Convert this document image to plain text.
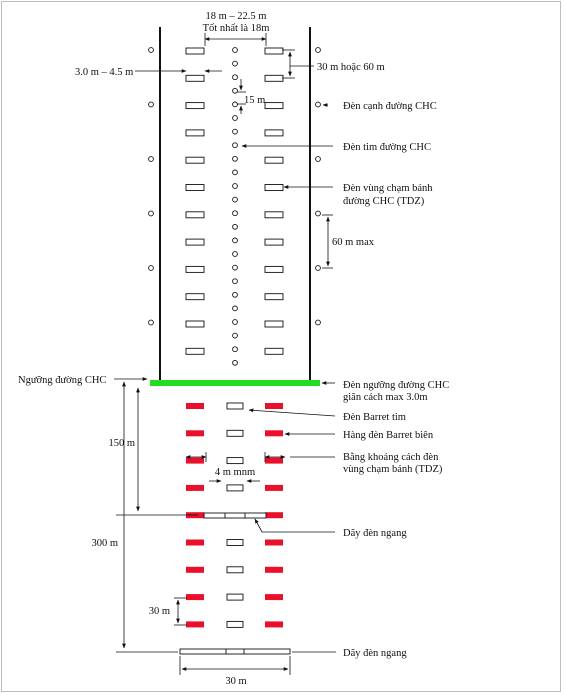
18 m – 22.5 m
Tốt nhất là 18m
3.0 m – 4.5 m	30 m hoặc 60 m
15 m
Đèn cạnh đường CHC
Đèn tim đường CHC
Đèn vùng chạm bánh
đường CHC (TDZ)
60 m max
Ngưỡng đường CHC	Đèn ngưỡng đường CHC
giãn cách max 3.0m
150 m
300 m
Đèn Barret tim
Hàng đèn Barret biên
Bằng khoảng cách đèn
vùng chạm bánh (TDZ)
4 m mnm
Dãy đèn ngang
30 m
Dãy đèn ngang
30 m
